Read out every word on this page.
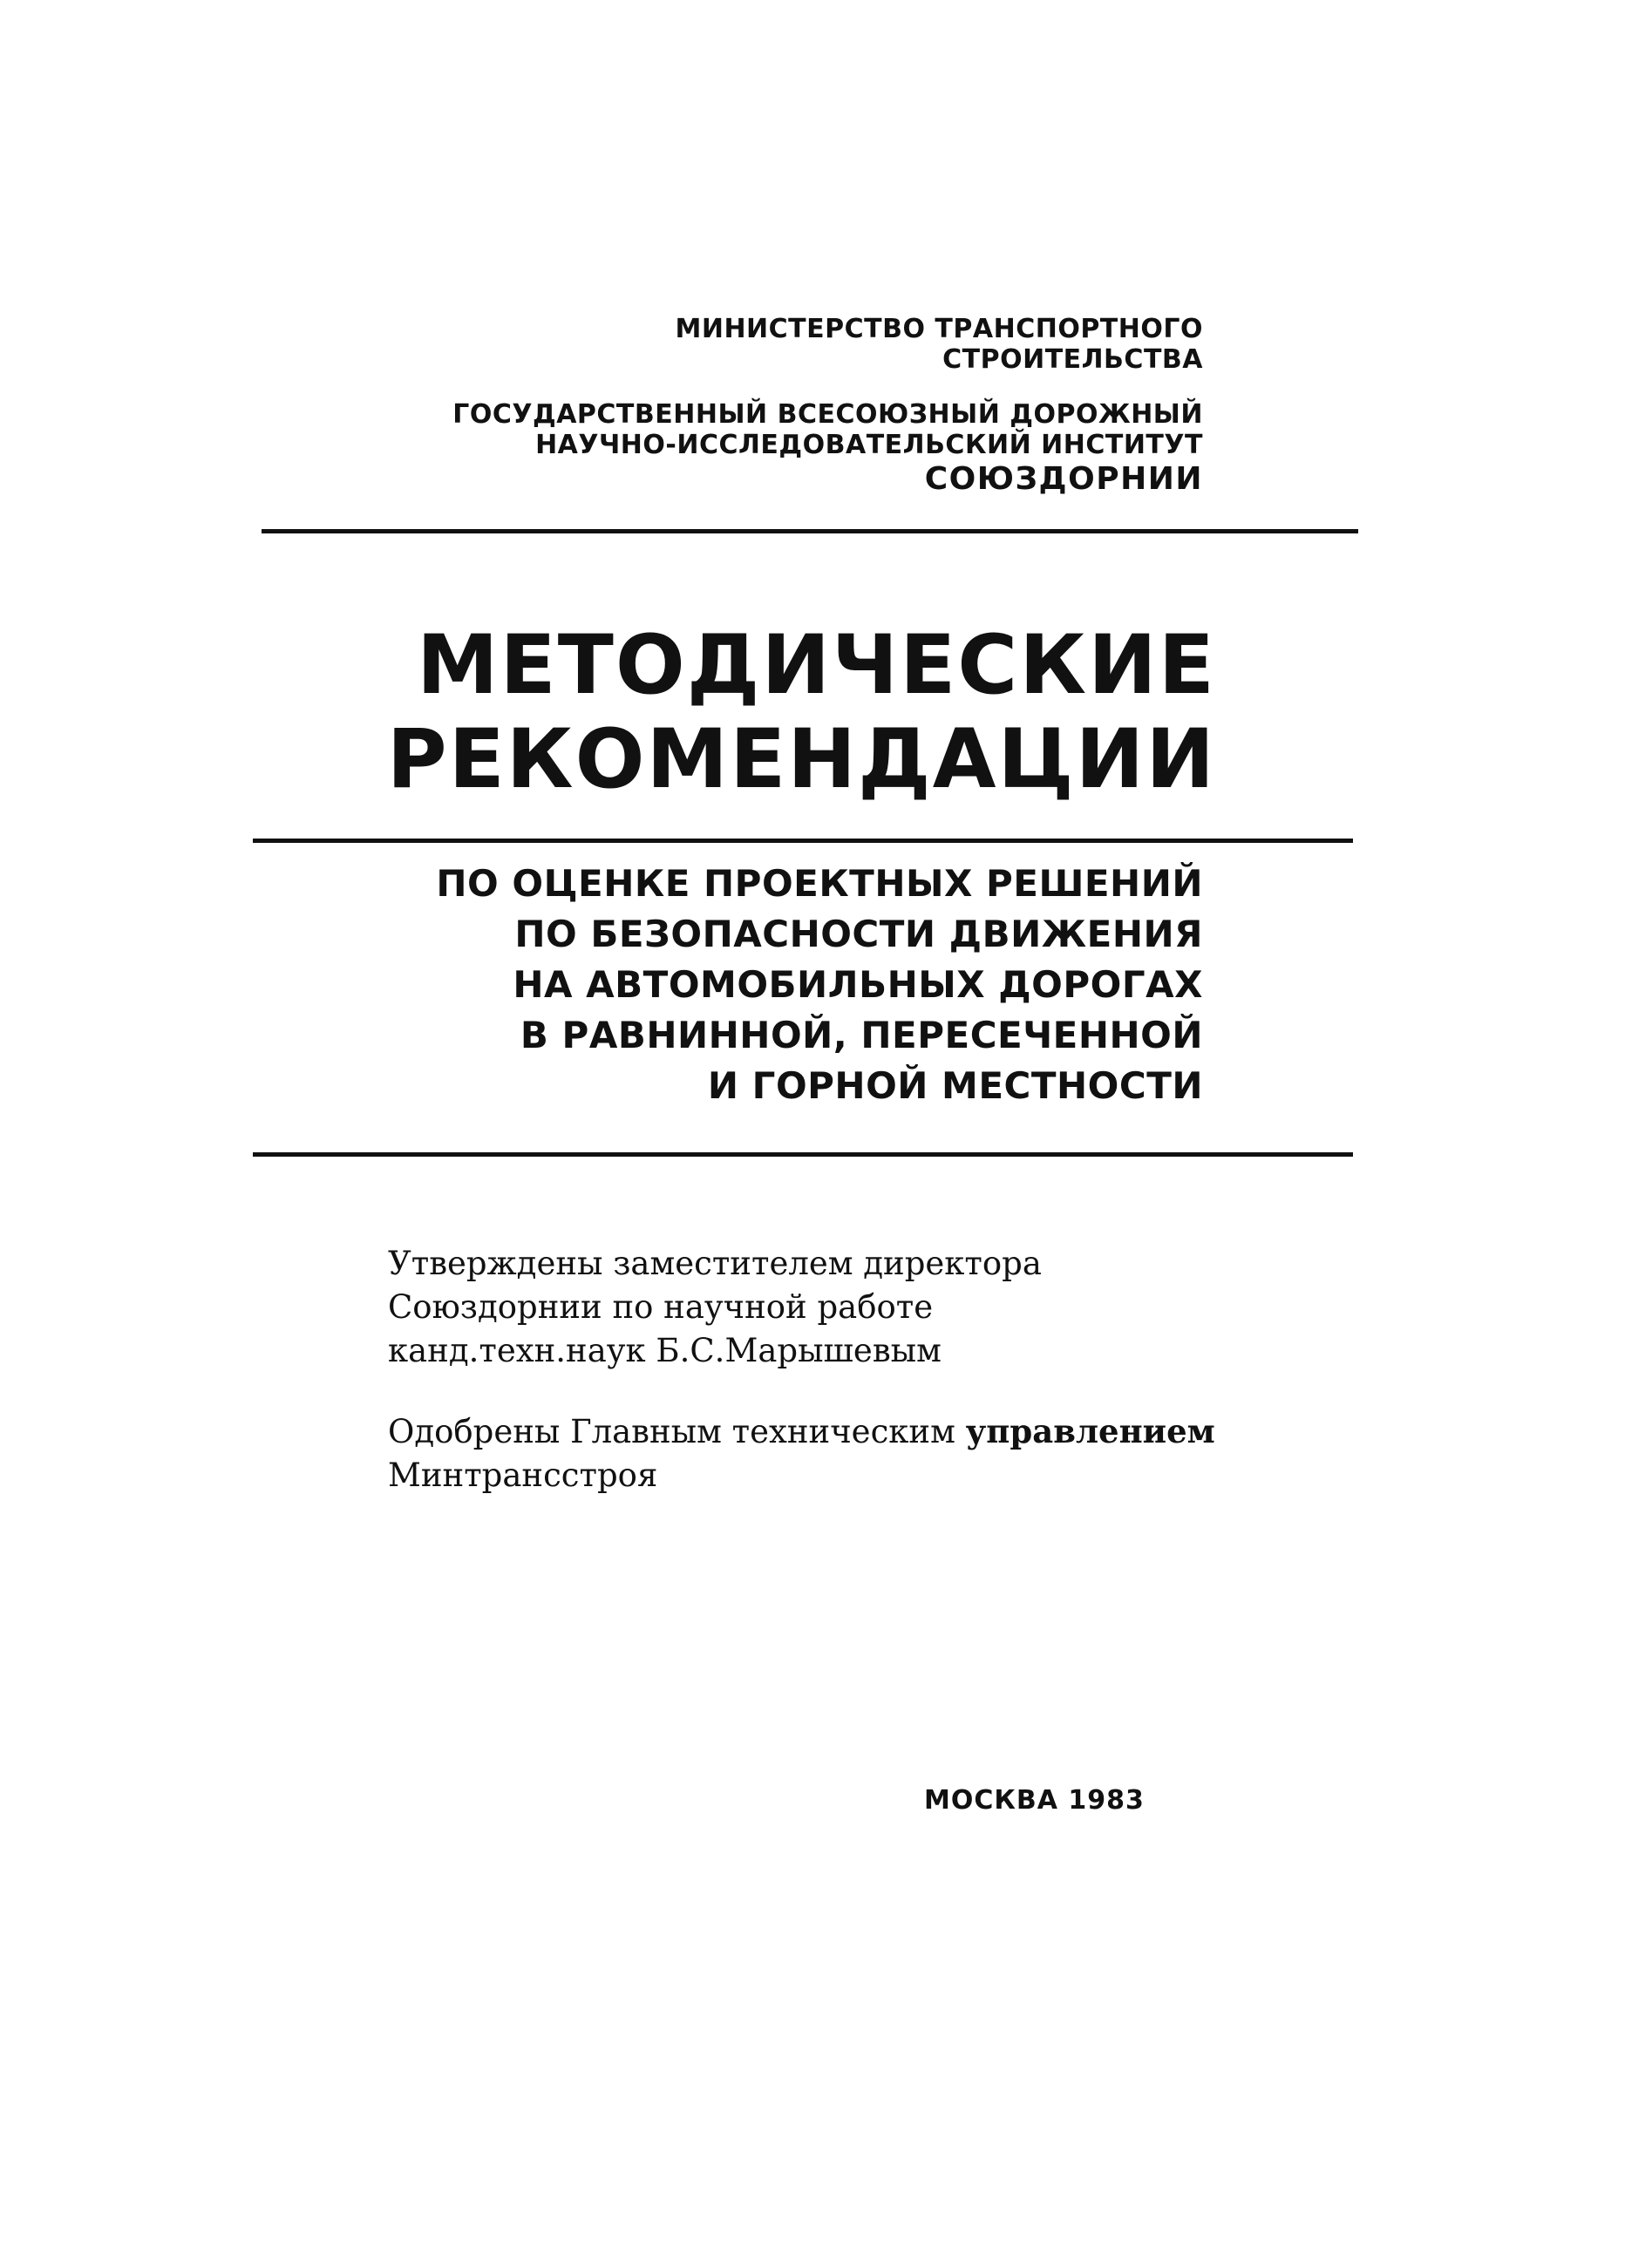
МИНИСТЕРСТВО ТРАНСПОРТНОГО
СТРОИТЕЛЬСТВА
ГОСУДАРСТВЕННЫЙ ВСЕСОЮЗНЫЙ ДОРОЖНЫЙ
НАУЧНО-ИССЛЕДОВАТЕЛЬСКИЙ ИНСТИТУТ
СОЮЗДОРНИИ
МЕТОДИЧЕСКИЕ
РЕКОМЕНДАЦИИ
ПО ОЦЕНКЕ ПРОЕКТНЫХ РЕШЕНИЙ
ПО БЕЗОПАСНОСТИ ДВИЖЕНИЯ
НА АВТОМОБИЛЬНЫХ ДОРОГАХ
В РАВНИННОЙ, ПЕРЕСЕЧЕННОЙ
И ГОРНОЙ МЕСТНОСТИ
Утверждены заместителем директора
Союздорнии по научной работе
канд.техн.наук Б.С.Марышевым
Одобрены Главным техническим управлением
Минтрансстроя
МОСКВА 1983
